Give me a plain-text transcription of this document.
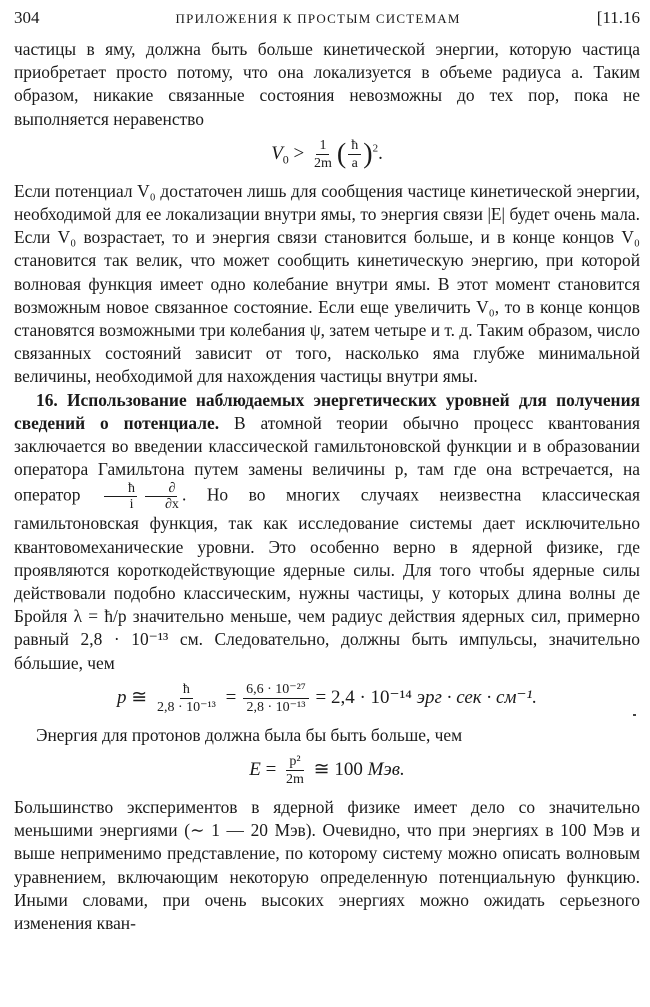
304	ПРИЛОЖЕНИЯ К ПРОСТЫМ СИСТЕМАМ	[11.16

частицы в яму, должна быть больше кинетической энергии, которую частица приобретает просто потому, что она локализуется в объеме радиуса a. Таким образом, никакие связанные состояния невозможны до тех пор, пока не выполняется неравенство

$V_0 > \frac{1}{2m}$ ( $\frac{ħ}{a} )^2$.

Если потенциал V₀ достаточен лишь для сообщения частице кинетической энергии, необходимой для ее локализации внутри ямы, то энергия связи |E| будет очень мала. Если V₀ возрастает, то и энергия связи становится больше, и в конце концов V₀ становится так велик, что может сообщить кинетическую энергию, при которой волновая функция имеет одно колебание внутри ямы. В этот момент становится возможным новое связанное состояние. Если еще увеличить V₀, то в конце концов становятся возможными три колебания ψ, затем четыре и т. д. Таким образом, число связанных состояний зависит от того, насколько яма глубже минимальной величины, необходимой для нахождения частицы внутри ямы.

16. Использование наблюдаемых энергетических уровней для получения сведений о потенциале. В атомной теории обычно процесс квантования заключается во введении классической гамильтоновской функции и в образовании оператора Гамильтона путем замены величины p, там где она встречается, на оператор $\frac{ħ}{i} \frac{\partial}{\partial x}$ . Но во многих случаях неизвестна классическая гамильтоновская функция, так как исследование системы дает исключительно квантовомеханические уровни. Это особенно верно в ядерной физике, где проявляются короткодействующие ядерные силы. Для того чтобы ядерные силы действовали подобно классическим, нужны частицы, у которых длина волны де Бройля λ = ħ/p значительно меньше, чем радиус действия ядерных сил, примерно равный 2,8 · 10⁻¹³ см. Следовательно, должны быть импульсы, значительно бóльшие, чем

p ≅ $\frac{ħ}{\text{2,8 · 10⁻¹³}} = \frac{\text{6,6 · 10⁻²⁷}}{\text{2,8 · 10⁻¹³}} = 2,4 \cdot 10^{-14}$ эрг · сек · см⁻¹.

Энергия для протонов должна была бы быть больше, чем

$E = \frac{\text{p²}}{2m}$ ≅ 100 Мэв.

Большинство экспериментов в ядерной физике имеет дело со значительно меньшими энергиями (∼ 1 — 20 Мэв). Очевидно, что при энергиях в 100 Мэв и выше неприменимо представление, по которому систему можно описать волновым уравнением, включающим некоторую определенную потенциальную функцию. Иными словами, при очень высоких энергиях можно ожидать серьезного изменения кван-
